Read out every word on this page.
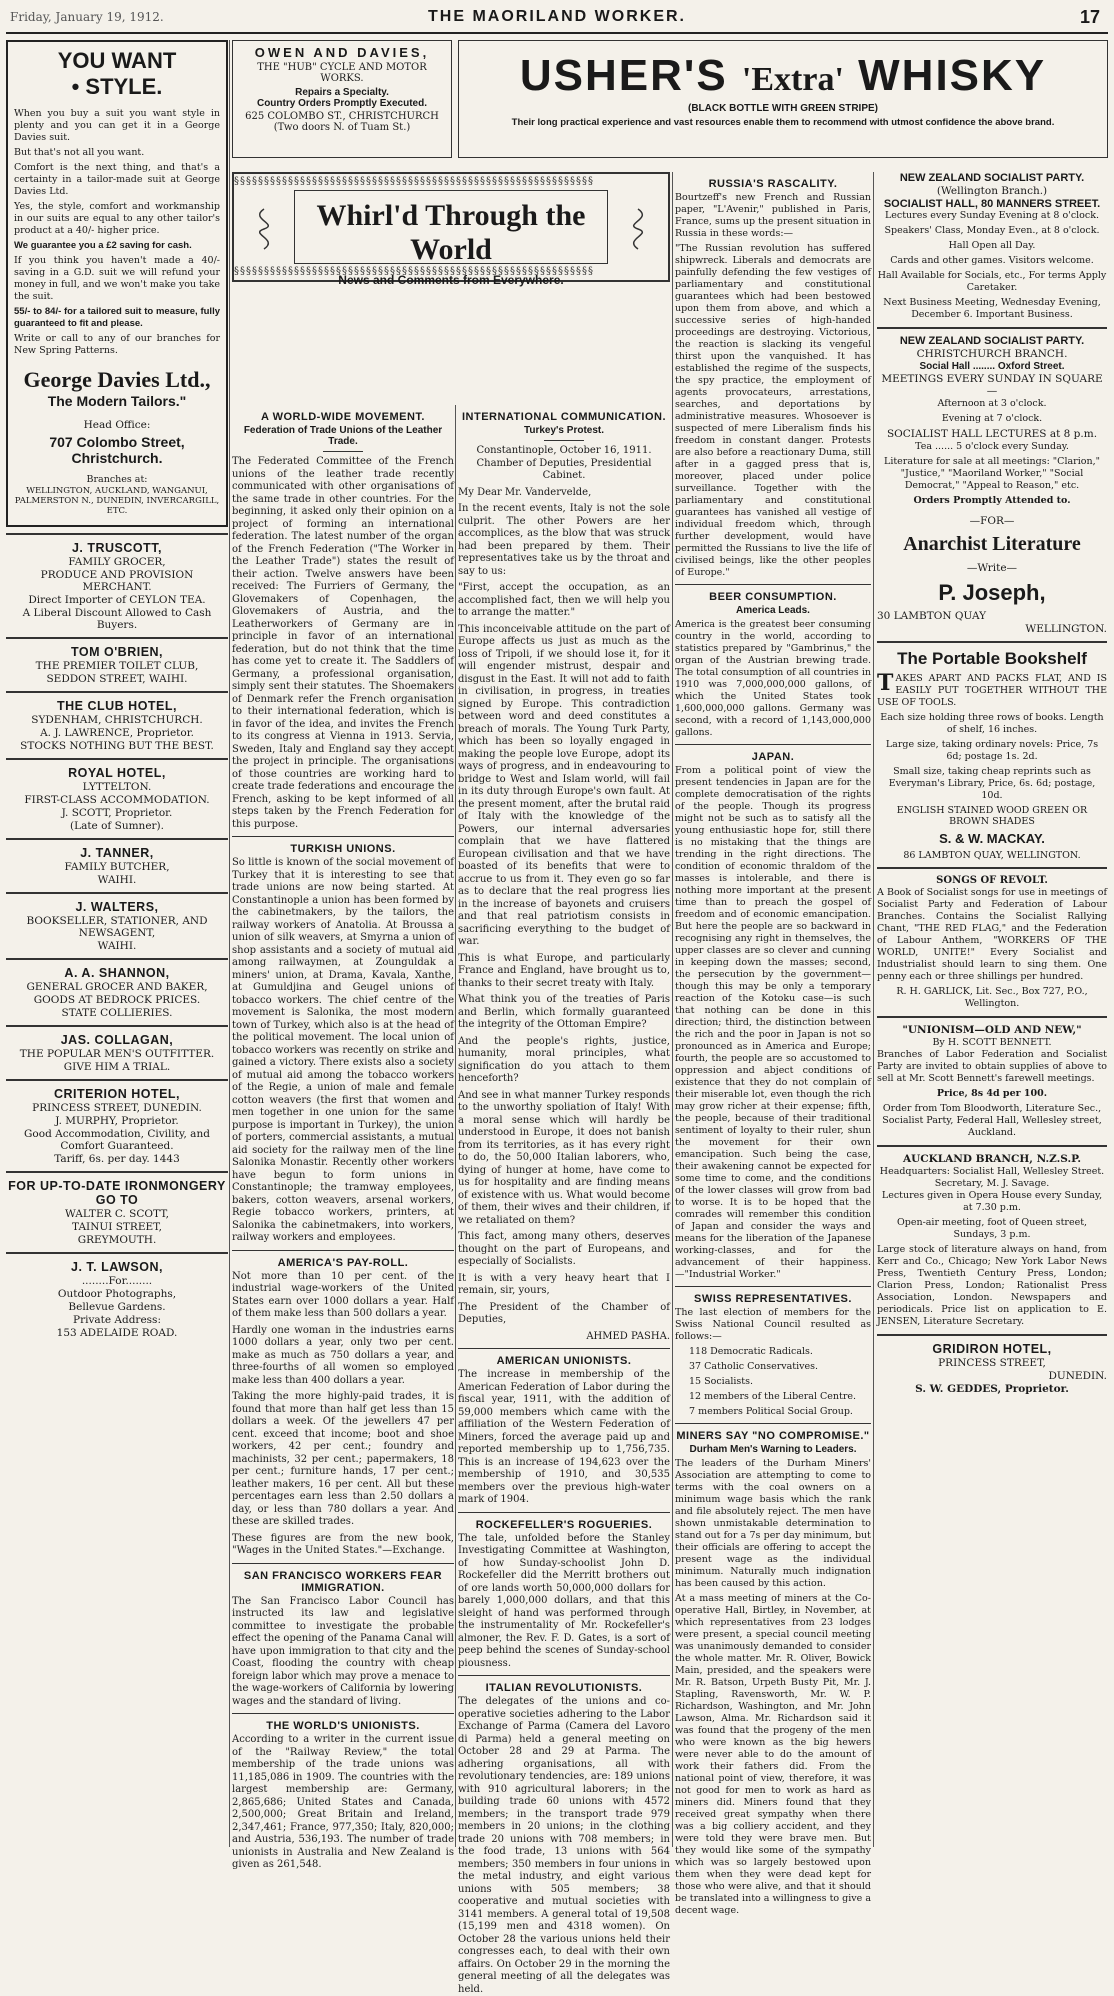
Friday, January 19, 1912.	THE MAORILAND WORKER.	17
OWEN AND DAVIES,
THE "HUB" CYCLE AND MOTOR WORKS.
Repairs a Specialty.
Country Orders Promptly Executed.
625 COLOMBO ST., CHRISTCHURCH
(Two doors N. of Tuam St.)
USHER'S 'Extra' WHISKY
(BLACK BOTTLE WITH GREEN STRIPE)
Their long practical experience and vast resources enable them to recommend with utmost confidence the above brand.
§§§§§§§§§§§§§§§§§§§§§§§§§§§§§§§§§§§§§§§§§§§§§§§§§§§§§§§§§§§§
Whirl'd Through the World
News and Comments from Everywhere.
§§§§§§§§§§§§§§§§§§§§§§§§§§§§§§§§§§§§§§§§§§§§§§§§§§§§§§§§§§§§
YOU WANT
• STYLE.

When you buy a suit you want style in plenty and you can get it in a George Davies suit.

But that's not all you want.

Comfort is the next thing, and that's a certainty in a tailor-made suit at George Davies Ltd.

Yes, the style, comfort and workmanship in our suits are equal to any other tailor's product at a 40/- higher price.

We guarantee you a £2 saving for cash.

If you think you haven't made a 40/- saving in a G.D. suit we will refund your money in full, and we won't make you take the suit.

55/- to 84/- for a tailored suit to measure, fully guaranteed to fit and please.

Write or call to any of our branches for New Spring Patterns.

George Davies Ltd.,
The Modern Tailors."
Head Office:
707 Colombo Street,
Christchurch.
Branches at:
WELLINGTON, AUCKLAND, WANGANUI, PALMERSTON N., DUNEDIN, INVERCARGILL, ETC.
J. TRUSCOTT,
FAMILY GROCER,
PRODUCE AND PROVISION MERCHANT.
Direct Importer of CEYLON TEA.
A Liberal Discount Allowed to Cash Buyers.
TOM O'BRIEN,
THE PREMIER TOILET CLUB,
SEDDON STREET, WAIHI.
THE CLUB HOTEL,
SYDENHAM, CHRISTCHURCH.
A. J. LAWRENCE, Proprietor.
STOCKS NOTHING BUT THE BEST.
ROYAL HOTEL,
LYTTELTON.
FIRST-CLASS ACCOMMODATION.
J. SCOTT, Proprietor.
(Late of Sumner).
J. TANNER,
FAMILY BUTCHER,
WAIHI.
J. WALTERS,
BOOKSELLER, STATIONER, AND NEWSAGENT,
WAIHI.
A. A. SHANNON,
GENERAL GROCER AND BAKER,
GOODS AT BEDROCK PRICES.
STATE COLLIERIES.
JAS. COLLAGAN,
THE POPULAR MEN'S OUTFITTER.
GIVE HIM A TRIAL.
CRITERION HOTEL,
PRINCESS STREET, DUNEDIN.
J. MURPHY, Proprietor.
Good Accommodation, Civility, and Comfort Guaranteed.
Tariff, 6s. per day. 1443
FOR UP-TO-DATE IRONMONGERY GO TO
WALTER C. SCOTT,
TAINUI STREET,
GREYMOUTH.
J. T. LAWSON,
........For........
Outdoor Photographs,
Bellevue Gardens.
Private Address:
153 ADELAIDE ROAD.
A WORLD-WIDE MOVEMENT.
Federation of Trade Unions of the Leather Trade.

The Federated Committee of the French unions of the leather trade recently communicated with other organisations of the same trade in other countries. For the beginning, it asked only their opinion on a project of forming an international federation. The latest number of the organ of the French Federation ("The Worker in the Leather Trade") states the result of their action. Twelve answers have been received: The Furriers of Germany, the Glovemakers of Copenhagen, the Glovemakers of Austria, and the Leatherworkers of Germany are in principle in favor of an international federation, but do not think that the time has come yet to create it. The Saddlers of Germany, a professional organisation, simply sent their statutes. The Shoemakers of Denmark refer the French organisation to their international federation, which is in favor of the idea, and invites the French to its congress at Vienna in 1913. Servia, Sweden, Italy and England say they accept the project in principle. The organisations of those countries are working hard to create trade federations and encourage the French, asking to be kept informed of all steps taken by the French Federation for this purpose.

TURKISH UNIONS.

So little is known of the social movement of Turkey that it is interesting to see that trade unions are now being started. At Constantinople a union has been formed by the cabinetmakers, by the tailors, the railway workers of Anatolia. At Broussa a union of silk weavers, at Smyrna a union of shop assistants and a society of mutual aid among railwaymen, at Zounguldak a miners' union, at Drama, Kavala, Xanthe, at Gumuldjina and Geugel unions of tobacco workers. The chief centre of the movement is Salonika, the most modern town of Turkey, which also is at the head of the political movement. The local union of tobacco workers was recently on strike and gained a victory. There exists also a society of mutual aid among the tobacco workers of the Regie, a union of male and female cotton weavers (the first that women and men together in one union for the same purpose is important in Turkey), the union of porters, commercial assistants, a mutual aid society for the railway men of the line Salonika Monastir. Recently other workers have begun to form unions in Constantinople; the tramway employees, bakers, cotton weavers, arsenal workers, Regie tobacco workers, printers, at Salonika the cabinetmakers, into workers, railway workers and employees.

AMERICA'S PAY-ROLL.

Not more than 10 per cent. of the industrial wage-workers of the United States earn over 1000 dollars a year. Half of them make less than 500 dollars a year.

Hardly one woman in the industries earns 1000 dollars a year, only two per cent. make as much as 750 dollars a year, and three-fourths of all women so employed make less than 400 dollars a year.

Taking the more highly-paid trades, it is found that more than half get less than 15 dollars a week. Of the jewellers 47 per cent. exceed that income; boot and shoe workers, 42 per cent.; foundry and machinists, 32 per cent.; papermakers, 18 per cent.; furniture hands, 17 per cent.; leather makers, 16 per cent. All but these percentages earn less than 2.50 dollars a day, or less than 780 dollars a year. And these are skilled trades.

These figures are from the new book, "Wages in the United States."—Exchange.

SAN FRANCISCO WORKERS FEAR IMMIGRATION.

The San Francisco Labor Council has instructed its law and legislative committee to investigate the probable effect the opening of the Panama Canal will have upon immigration to that city and the Coast, flooding the country with cheap foreign labor which may prove a menace to the wage-workers of California by lowering wages and the standard of living.

THE WORLD'S UNIONISTS.

According to a writer in the current issue of the "Railway Review," the total membership of the trade unions was 11,185,086 in 1909. The countries with the largest membership are: Germany, 2,865,686; United States and Canada, 2,500,000; Great Britain and Ireland, 2,347,461; France, 977,350; Italy, 820,000; and Austria, 536,193. The number of trade unionists in Australia and New Zealand is given as 261,548.

INTERNATIONAL COMMUNICATION.
Turkey's Protest.

Constantinople, October 16, 1911. Chamber of Deputies, Presidential Cabinet.

My Dear Mr. Vandervelde,

In the recent events, Italy is not the sole culprit. The other Powers are her accomplices, as the blow that was struck had been prepared by them. Their representatives take us by the throat and say to us:

"First, accept the occupation, as an accomplished fact, then we will help you to arrange the matter."

This inconceivable attitude on the part of Europe affects us just as much as the loss of Tripoli, if we should lose it, for it will engender mistrust, despair and disgust in the East. It will not add to faith in civilisation, in progress, in treaties signed by Europe. This contradiction between word and deed constitutes a breach of morals. The Young Turk Party, which has been so loyally engaged in making the people love Europe, adopt its ways of progress, and in endeavouring to bridge to West and Islam world, will fail in its duty through Europe's own fault. At the present moment, after the brutal raid of Italy with the knowledge of the Powers, our internal adversaries complain that we have flattered European civilisation and that we have boasted of its benefits that were to accrue to us from it. They even go so far as to declare that the real progress lies in the increase of bayonets and cruisers and that real patriotism consists in sacrificing everything to the budget of war.

This is what Europe, and particularly France and England, have brought us to, thanks to their secret treaty with Italy.

What think you of the treaties of Paris and Berlin, which formally guaranteed the integrity of the Ottoman Empire?

And the people's rights, justice, humanity, moral principles, what signification do you attach to them henceforth?

And see in what manner Turkey responds to the unworthy spoliation of Italy! With a moral sense which will hardly be understood in Europe, it does not banish from its territories, as it has every right to do, the 50,000 Italian laborers, who, dying of hunger at home, have come to us for hospitality and are finding means of existence with us. What would become of them, their wives and their children, if we retaliated on them?

This fact, among many others, deserves thought on the part of Europeans, and especially of Socialists.

It is with a very heavy heart that I remain, sir, yours,

The President of the Chamber of Deputies,

AHMED PASHA.

AMERICAN UNIONISTS.

The increase in membership of the American Federation of Labor during the fiscal year, 1911, with the addition of 59,000 members which came with the affiliation of the Western Federation of Miners, forced the average paid up and reported membership up to 1,756,735. This is an increase of 194,623 over the membership of 1910, and 30,535 members over the previous high-water mark of 1904.

ROCKEFELLER'S ROGUERIES.

The tale, unfolded before the Stanley Investigating Committee at Washington, of how Sunday-schoolist John D. Rockefeller did the Merritt brothers out of ore lands worth 50,000,000 dollars for barely 1,000,000 dollars, and that this sleight of hand was performed through the instrumentality of Mr. Rockefeller's almoner, the Rev. F. D. Gates, is a sort of peep behind the scenes of Sunday-school piousness.

ITALIAN REVOLUTIONISTS.

The delegates of the unions and co-operative societies adhering to the Labor Exchange of Parma (Camera del Lavoro di Parma) held a general meeting on October 28 and 29 at Parma. The adhering organisations, all with revolutionary tendencies, are: 189 unions with 910 agricultural laborers; in the building trade 60 unions with 4572 members; in the transport trade 979 members in 20 unions; in the clothing trade 20 unions with 708 members; in the food trade, 13 unions with 564 members; 350 members in four unions in the metal industry, and eight various unions with 505 members; 38 cooperative and mutual societies with 3141 members. A general total of 19,508 (15,199 men and 4318 women). On October 28 the various unions held their congresses each, to deal with their own affairs. On October 29 in the morning the general meeting of all the delegates was held.

RUSSIA'S RASCALITY.

Bourtzeff's new French and Russian paper, "L'Avenir," published in Paris, France, sums up the present situation in Russia in these words:—

"The Russian revolution has suffered shipwreck. Liberals and democrats are painfully defending the few vestiges of parliamentary and constitutional guarantees which had been bestowed upon them from above, and which a successive series of high-handed proceedings are destroying. Victorious, the reaction is slacking its vengeful thirst upon the vanquished. It has established the regime of the suspects, the spy practice, the employment of agents provocateurs, arrestations, searches, and deportations by administrative measures. Whosoever is suspected of mere Liberalism finds his freedom in constant danger. Protests are also before a reactionary Duma, still after in a gagged press that is, moreover, placed under police surveillance. Together with the parliamentary and constitutional guarantees has vanished all vestige of individual freedom which, through further development, would have permitted the Russians to live the life of civilised beings, like the other peoples of Europe."

BEER CONSUMPTION.
America Leads.

America is the greatest beer consuming country in the world, according to statistics prepared by "Gambrinus," the organ of the Austrian brewing trade. The total consumption of all countries in 1910 was 7,000,000,000 gallons, of which the United States took 1,600,000,000 gallons. Germany was second, with a record of 1,143,000,000 gallons.

JAPAN.

From a political point of view the present tendencies in Japan are for the complete democratisation of the rights of the people. Though its progress might not be such as to satisfy all the young enthusiastic hope for, still there is no mistaking that the things are trending in the right directions. The condition of economic thraldom of the masses is intolerable, and there is nothing more important at the present time than to preach the gospel of freedom and of economic emancipation. But here the people are so backward in recognising any right in themselves, the upper classes are so clever and cunning in keeping down the masses; second, the persecution by the government—though this may be only a temporary reaction of the Kotoku case—is such that nothing can be done in this direction; third, the distinction between the rich and the poor in Japan is not so pronounced as in America and Europe; fourth, the people are so accustomed to oppression and abject conditions of existence that they do not complain of their miserable lot, even though the rich may grow richer at their expense; fifth, the people, because of their traditional sentiment of loyalty to their ruler, shun the movement for their own emancipation. Such being the case, their awakening cannot be expected for some time to come, and the conditions of the lower classes will grow from bad to worse. It is to be hoped that the comrades will remember this condition of Japan and consider the ways and means for the liberation of the Japanese working-classes, and for the advancement of their happiness.—"Industrial Worker."

SWISS REPRESENTATIVES.

The last election of members for the Swiss National Council resulted as follows:—

118 Democratic Radicals.
37 Catholic Conservatives.
15 Socialists.
12 members of the Liberal Centre.
7 members Political Social Group.
MINERS SAY "NO COMPROMISE."
Durham Men's Warning to Leaders.

The leaders of the Durham Miners' Association are attempting to come to terms with the coal owners on a minimum wage basis which the rank and file absolutely reject. The men have shown unmistakable determination to stand out for a 7s per day minimum, but their officials are offering to accept the present wage as the individual minimum. Naturally much indignation has been caused by this action.

At a mass meeting of miners at the Co-operative Hall, Birtley, in November, at which representatives from 23 lodges were present, a special council meeting was unanimously demanded to consider the whole matter. Mr. R. Oliver, Bowick Main, presided, and the speakers were Mr. R. Batson, Urpeth Busty Pit, Mr. J. Stapling, Ravensworth, Mr. W. P. Richardson, Washington, and Mr. John Lawson, Alma. Mr. Richardson said it was found that the progeny of the men who were known as the big hewers were never able to do the amount of work their fathers did. From the national point of view, therefore, it was not good for men to work as hard as miners did. Miners found that they received great sympathy when there was a big colliery accident, and they were told they were brave men. But they would like some of the sympathy which was so largely bestowed upon them when they were dead kept for those who were alive, and that it should be translated into a willingness to give a decent wage.

NEW ZEALAND SOCIALIST PARTY.
(Wellington Branch.)
SOCIALIST HALL, 80 MANNERS STREET.
Lectures every Sunday Evening at 8 o'clock.
Speakers' Class, Monday Even., at 8 o'clock.
Hall Open all Day.
Cards and other games. Visitors welcome.
Hall Available for Socials, etc., For terms Apply Caretaker.
Next Business Meeting, Wednesday Evening, December 6. Important Business.
NEW ZEALAND SOCIALIST PARTY.
CHRISTCHURCH BRANCH.
Social Hall ........ Oxford Street.
MEETINGS EVERY SUNDAY IN SQUARE—
Afternoon at 3 o'clock.
Evening at 7 o'clock.
SOCIALIST HALL LECTURES at 8 p.m.
Tea ...... 5 o'clock every Sunday.
Literature for sale at all meetings: "Clarion," "Justice," "Maoriland Worker," "Social Democrat," "Appeal to Reason," etc.
Orders Promptly Attended to.
—FOR—
Anarchist Literature
—Write—
P. Joseph,
30 LAMBTON QUAY
WELLINGTON.
The Portable Bookshelf

TAKES APART AND PACKS FLAT, AND IS EASILY PUT TOGETHER WITHOUT THE USE OF TOOLS.

Each size holding three rows of books. Length of shelf, 16 inches.

Large size, taking ordinary novels: Price, 7s 6d; postage 1s. 2d.

Small size, taking cheap reprints such as Everyman's Library, Price, 6s. 6d; postage, 10d.

ENGLISH STAINED WOOD GREEN OR BROWN SHADES
S. & W. MACKAY.
86 LAMBTON QUAY, WELLINGTON.
SONGS OF REVOLT.

A Book of Socialist songs for use in meetings of Socialist Party and Federation of Labour Branches. Contains the Socialist Rallying Chant, "THE RED FLAG," and the Federation of Labour Anthem, "WORKERS OF THE WORLD, UNITE!" Every Socialist and Industrialist should learn to sing them. One penny each or three shillings per hundred.

R. H. GARLICK, Lit. Sec., Box 727, P.O., Wellington.

"UNIONISM—OLD AND NEW,"
By H. SCOTT BENNETT.

Branches of Labor Federation and Socialist Party are invited to obtain supplies of above to sell at Mr. Scott Bennett's farewell meetings.

Price, 8s 4d per 100.

Order from Tom Bloodworth, Literature Sec., Socialist Party, Federal Hall, Wellesley street, Auckland.

AUCKLAND BRANCH, N.Z.S.P.
Headquarters: Socialist Hall, Wellesley Street.
Secretary, M. J. Savage.

Lectures given in Opera House every Sunday, at 7.30 p.m.

Open-air meeting, foot of Queen street, Sundays, 3 p.m.

Large stock of literature always on hand, from Kerr and Co., Chicago; New York Labor News Press, Twentieth Century Press, London; Clarion Press, London; Rationalist Press Association, London. Newspapers and periodicals. Price list on application to E. JENSEN, Literature Secretary.

GRIDIRON HOTEL,
PRINCESS STREET,
DUNEDIN.
S. W. GEDDES, Proprietor.
